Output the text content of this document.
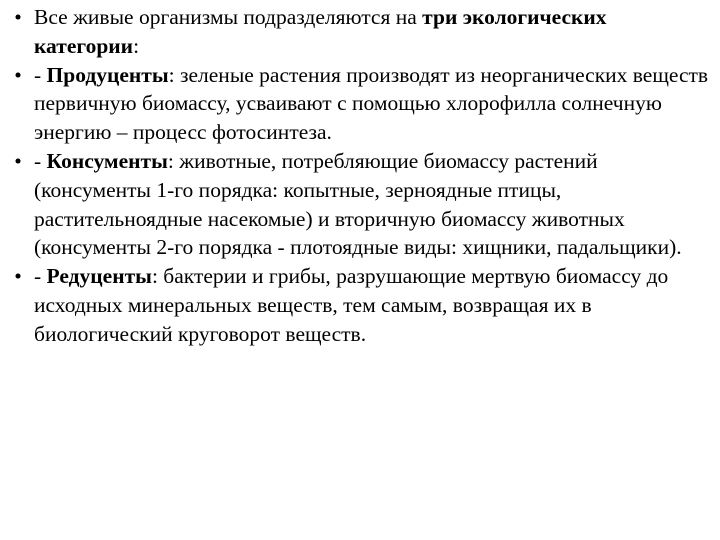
• Все живые организмы подразделяются на три экологических категории:
• - Продуценты: зеленые растения производят из неорганических веществ первичную биомассу, усваивают с помощью хлорофилла солнечную энергию – процесс фотосинтеза.
• - Консументы: животные, потребляющие биомассу растений (консументы 1-го порядка: копытные, зерноядные птицы, растительноядные насекомые) и вторичную биомассу животных (консументы 2-го порядка - плотоядные виды: хищники, падальщики).
• - Редуценты: бактерии и грибы, разрушающие мертвую биомассу до исходных минеральных веществ, тем самым, возвращая их в биологический круговорот веществ.
